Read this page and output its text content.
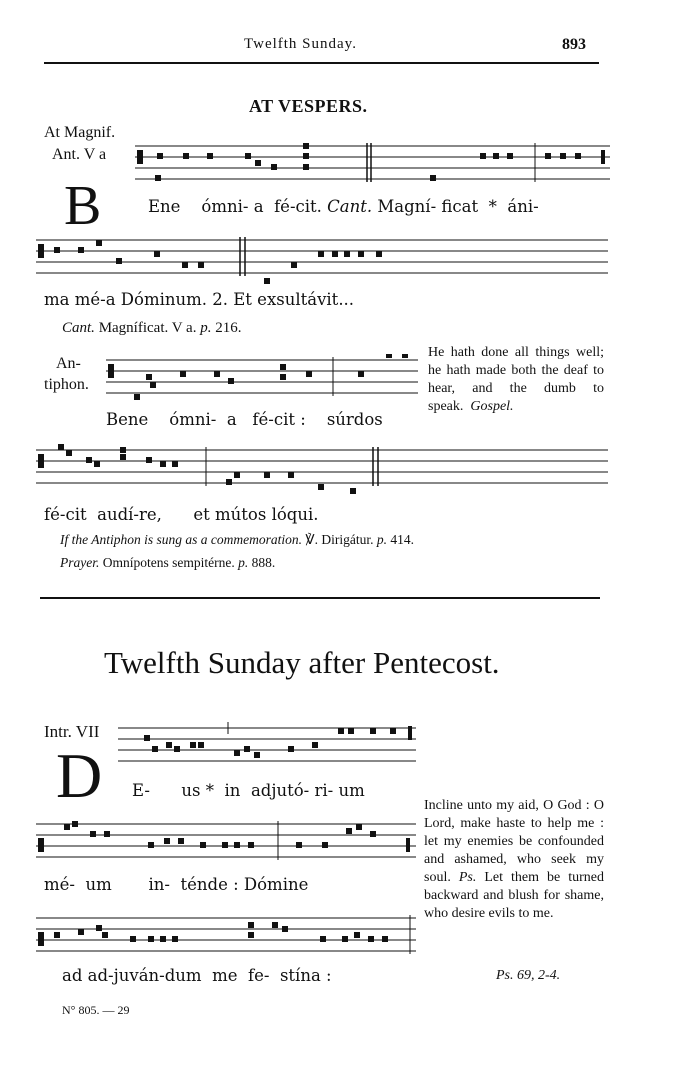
Twelfth Sunday.	893
AT VESPERS.
At Magnif.
Ant. V a
B	Ene ómni- a fé-cit. Cant. Magní- ficat * áni-
ma mé-a Dóminum. 2. Et exsultávit...
Cant. Magníficat. V a. p. 216.
An-
tiphon.
Bene ómni- a fé-cit : súrdos
He hath done all things well; he hath made both the deaf to hear, and the dumb to speak. Gospel.
fé-cit audí-re, et mútos lóqui.
If the Antiphon is sung as a commemoration. ℣. Dirigátur. p. 414.
Prayer. Omnípotens sempitérne. p. 888.
Twelfth Sunday after Pentecost.
Intr. VII
D E- us * in adjutó- ri- um
mé- um in- ténde : Dómine
ad ad-juván-dum me fe- stína :
Incline unto my aid, O God : O Lord, make haste to help me : let my enemies be confounded and ashamed, who seek my soul. Ps. Let them be turned backward and blush for shame, who desire evils to me.
Ps. 69, 2-4.
N° 805. — 29
